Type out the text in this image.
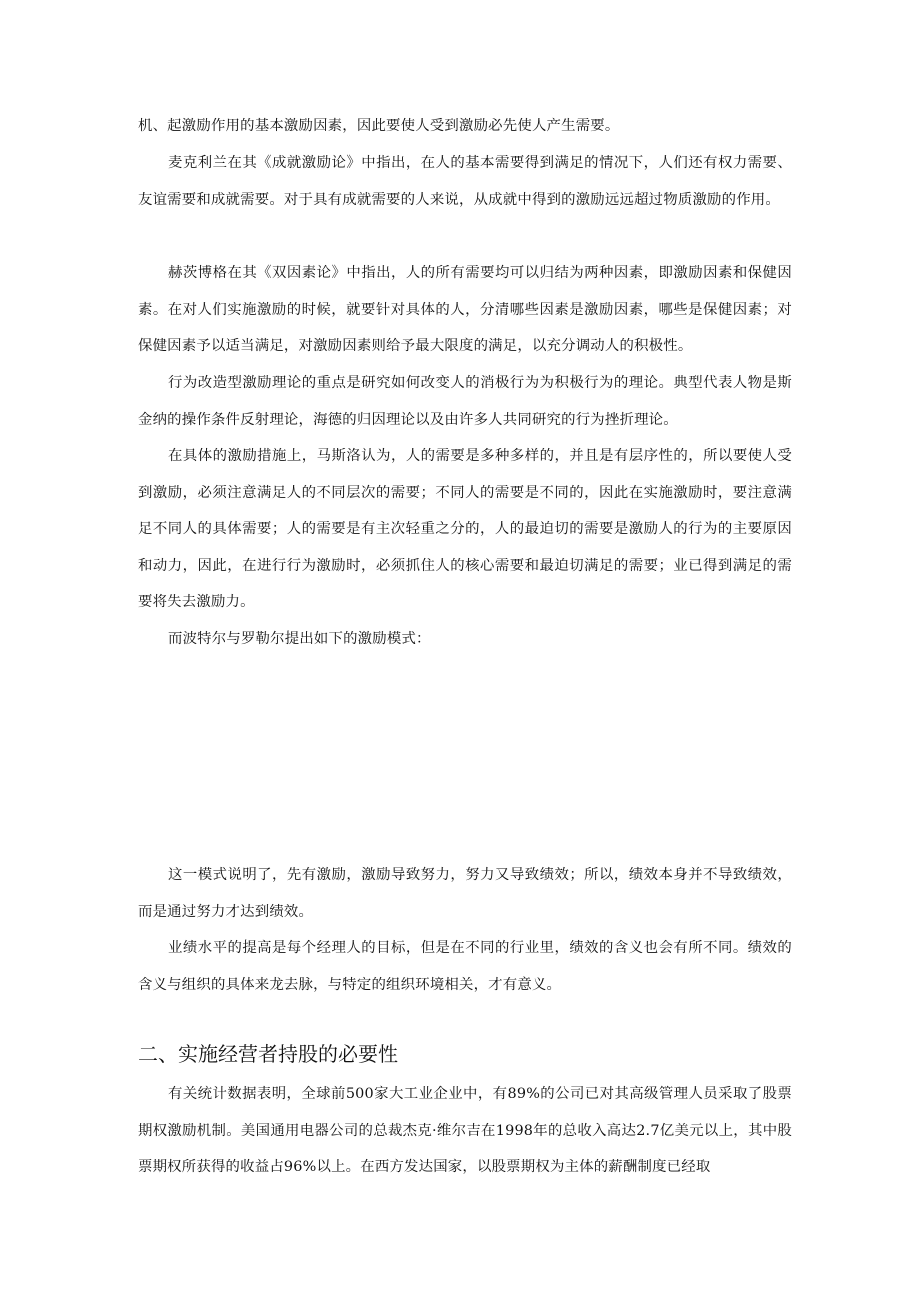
机、起激励作用的基本激励因素，因此要使人受到激励必先使人产生需要。

麦克利兰在其《成就激励论》中指出，在人的基本需要得到满足的情况下，人们还有权力需要、友谊需要和成就需要。对于具有成就需要的人来说，从成就中得到的激励远远超过物质激励的作用。

赫茨博格在其《双因素论》中指出，人的所有需要均可以归结为两种因素，即激励因素和保健因素。在对人们实施激励的时候，就要针对具体的人，分清哪些因素是激励因素，哪些是保健因素；对保健因素予以适当满足，对激励因素则给予最大限度的满足，以充分调动人的积极性。

行为改造型激励理论的重点是研究如何改变人的消极行为为积极行为的理论。典型代表人物是斯金纳的操作条件反射理论，海德的归因理论以及由许多人共同研究的行为挫折理论。

在具体的激励措施上，马斯洛认为，人的需要是多种多样的，并且是有层序性的，所以要使人受到激励，必须注意满足人的不同层次的需要；不同人的需要是不同的，因此在实施激励时，要注意满足不同人的具体需要；人的需要是有主次轻重之分的，人的最迫切的需要是激励人的行为的主要原因和动力，因此，在进行行为激励时，必须抓住人的核心需要和最迫切满足的需要；业已得到满足的需要将失去激励力。

而波特尔与罗勒尔提出如下的激励模式：

这一模式说明了，先有激励，激励导致努力，努力又导致绩效；所以，绩效本身并不导致绩效，而是通过努力才达到绩效。

业绩水平的提高是每个经理人的目标，但是在不同的行业里，绩效的含义也会有所不同。绩效的含义与组织的具体来龙去脉，与特定的组织环境相关，才有意义。

二、实施经营者持股的必要性

有关统计数据表明，全球前500家大工业企业中，有89%的公司已对其高级管理人员采取了股票期权激励机制。美国通用电器公司的总裁杰克·维尔吉在1998年的总收入高达2.7亿美元以上，其中股票期权所获得的收益占96%以上。在西方发达国家，以股票期权为主体的薪酬制度已经取
